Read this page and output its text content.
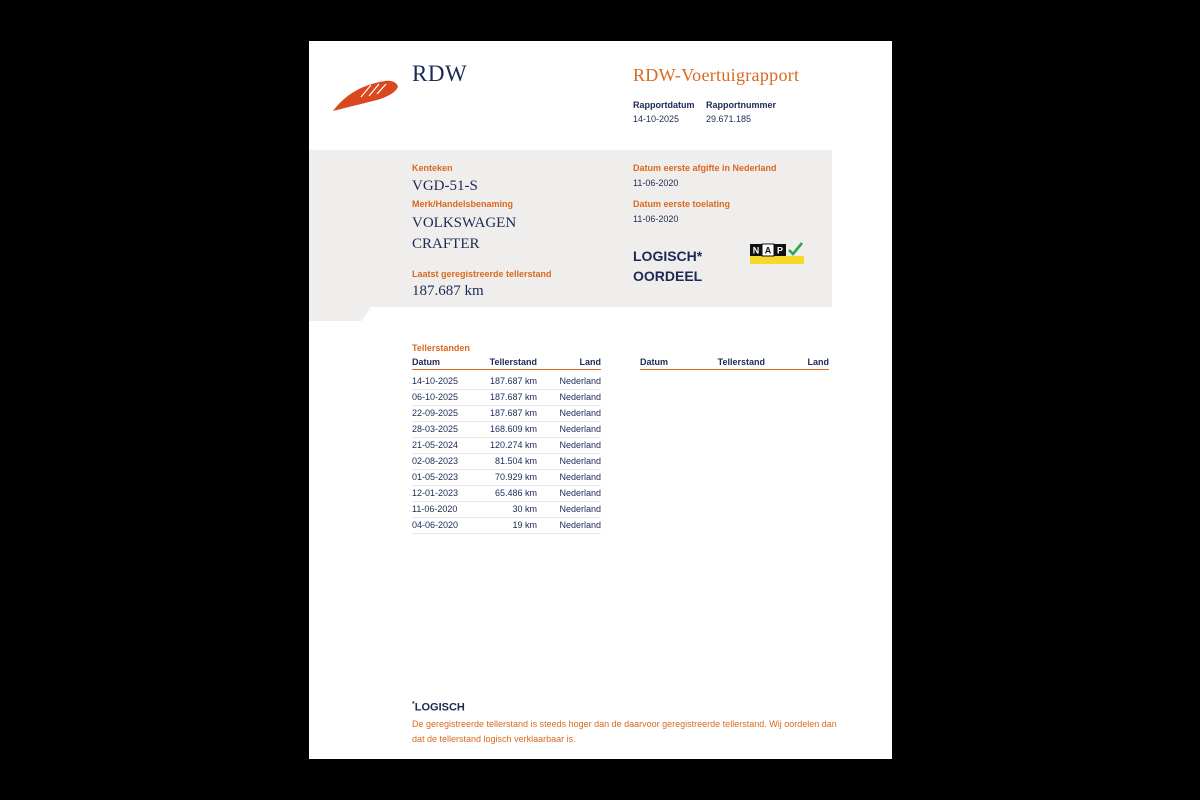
RDW	RDW-Voertuigrapport
Rapportdatum Rapportnummer
14-10-2025	29.671.185
Kenteken
VGD-51-S
Merk/Handelsbenaming
VOLKSWAGEN
CRAFTER
Laatst geregistreerde tellerstand
187.687 km
Datum eerste afgifte in Nederland
11-06-2020
Datum eerste toelating
11-06-2020
LOGISCH*
OORDEEL
N A P
Tellerstanden
Datum	Tellerstand	Land
14-10-2025	187.687 km Nederland
06-10-2025	187.687 km Nederland
22-09-2025	187.687 km Nederland
28-03-2025	168.609 km Nederland
21-05-2024	120.274 km Nederland
02-08-2023	81.504 km Nederland
01-05-2023	70.929 km Nederland
12-01-2023	65.486 km Nederland
11-06-2020	30 km Nederland
04-06-2020	19 km Nederland
Datum	Tellerstand	Land
*LOGISCH
De geregistreerde tellerstand is steeds hoger dan de daarvoor geregistreerde tellerstand. Wij oordelen dan dat de tellerstand logisch verklaarbaar is.
